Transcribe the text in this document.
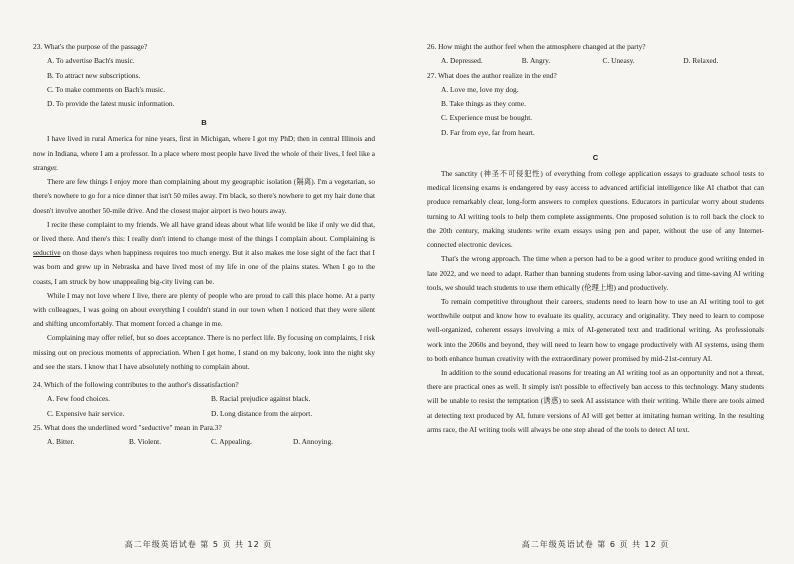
23. What's the purpose of the passage?

A. To advertise Bach's music.

B. To attract new subscriptions.

C. To make comments on Bach's music.

D. To provide the latest music information.

B

I have lived in rural America for nine years, first in Michigan, where I got my PhD; then in central Illinois and now in Indiana, where I am a professor. In a place where most people have lived the whole of their lives, I feel like a stranger.

There are few things I enjoy more than complaining about my geographic isolation (隔离). I'm a vegetarian, so there's nowhere to go for a nice dinner that isn't 50 miles away. I'm black, so there's nowhere to get my hair done that doesn't involve another 50-mile drive. And the closest major airport is two hours away.

I recite these complaint to my friends. We all have grand ideas about what life would be like if only we did that, or lived there. And there's this: I really don't intend to change most of the things I complain about. Complaining is seductive on those days when happiness requires too much energy. But it also makes me lose sight of the fact that I was born and grew up in Nebraska and have lived most of my life in one of the plains states. When I go to the coasts, I am struck by how unappealing big-city living can be.

While I may not love where I live, there are plenty of people who are proud to call this place home. At a party with colleagues, I was going on about everything I couldn't stand in our town when I noticed that they were silent and shifting uncomfortably. That moment forced a change in me.

Complaining may offer relief, but so does acceptance. There is no perfect life. By focusing on complaints, I risk missing out on precious moments of appreciation. When I get home, I stand on my balcony, look into the night sky and see the stars. I know that I have absolutely nothing to complain about.

24. Which of the following contributes to the author's dissatisfaction?

A. Few food choices.	B. Racial prejudice against black.
C. Expensive hair service.	D. Long distance from the airport.

25. What does the underlined word "seductive" mean in Para.3?

A. Bitter.	B. Violent.	C. Appealing.	D. Annoying.
高二年级英语试卷 第 5 页 共 12 页

26. How might the author feel when the atmosphere changed at the party?

A. Depressed.	B. Angry.	C. Uneasy.	D. Relaxed.

27. What does the author realize in the end?

A. Love me, love my dog.

B. Take things as they come.

C. Experience must be bought.

D. Far from eye, far from heart.

C

The sanctity (神圣不可侵犯性) of everything from college application essays to graduate school tests to medical licensing exams is endangered by easy access to advanced artificial intelligence like AI chatbot that can produce remarkably clear, long-form answers to complex questions. Educators in particular worry about students turning to AI writing tools to help them complete assignments. One proposed solution is to roll back the clock to the 20th century, making students write exam essays using pen and paper, without the use of any Internet-connected electronic devices.

That's the wrong approach. The time when a person had to be a good writer to produce good writing ended in late 2022, and we need to adapt. Rather than banning students from using labor-saving and time-saving AI writing tools, we should teach students to use them ethically (伦理上地) and productively.

To remain competitive throughout their careers, students need to learn how to use an AI writing tool to get worthwhile output and know how to evaluate its quality, accuracy and originality. They need to learn to compose well-organized, coherent essays involving a mix of AI-generated text and traditional writing. As professionals work into the 2060s and beyond, they will need to learn how to engage productively with AI systems, using them to both enhance human creativity with the extraordinary power promised by mid-21st-century AI.

In addition to the sound educational reasons for treating an AI writing tool as an opportunity and not a threat, there are practical ones as well. It simply isn't possible to effectively ban access to this technology. Many students will be unable to resist the temptation (诱惑) to seek AI assistance with their writing. While there are tools aimed at detecting text produced by AI, future versions of AI will get better at imitating human writing. In the resulting arms race, the AI writing tools will always be one step ahead of the tools to detect AI text.

高二年级英语试卷 第 6 页 共 12 页
